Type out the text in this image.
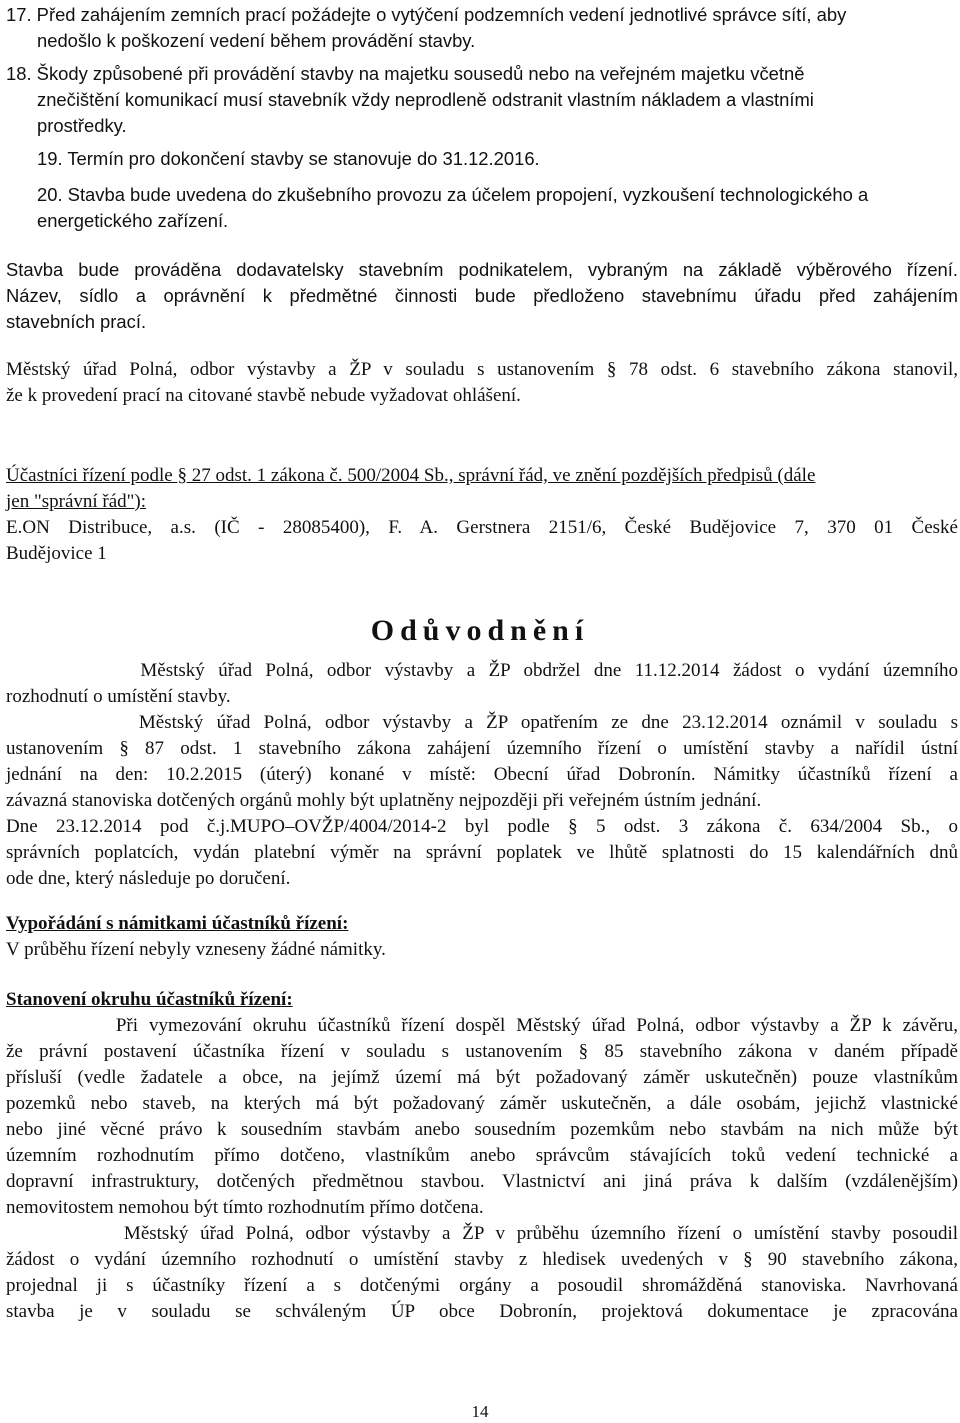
17. Před zahájením zemních prací požádejte o vytýčení podzemních vedení jednotlivé správce sítí, aby
nedošlo k poškození vedení během provádění stavby.
18. Škody způsobené při provádění stavby na majetku sousedů nebo na veřejném majetku včetně
znečištění komunikací musí stavebník vždy neprodleně odstranit vlastním nákladem a vlastními
prostředky.
19. Termín pro dokončení stavby se stanovuje do 31.12.2016.
20. Stavba bude uvedena do zkušebního provozu za účelem propojení, vyzkoušení technologického a
energetického zařízení.
Stavba bude prováděna dodavatelsky stavebním podnikatelem, vybraným na základě výběrového řízení.
Název, sídlo a oprávnění k předmětné činnosti bude předloženo stavebnímu úřadu před zahájením
stavebních prací.
Městský úřad Polná, odbor výstavby a ŽP v souladu s ustanovením § 78 odst. 6 stavebního zákona stanovil,
že k provedení prací na citované stavbě nebude vyžadovat ohlášení.
Účastníci řízení podle § 27 odst. 1 zákona č. 500/2004 Sb., správní řád, ve znění pozdějších předpisů (dále
jen "správní řád"):
E.ON Distribuce, a.s. (IČ - 28085400), F. A. Gerstnera 2151/6, České Budějovice 7, 370 01 České
Budějovice 1
Odůvodnění
Městský úřad Polná, odbor výstavby a ŽP obdržel dne 11.12.2014 žádost o vydání územního
rozhodnutí o umístění stavby.
Městský úřad Polná, odbor výstavby a ŽP opatřením ze dne 23.12.2014 oznámil v souladu s
ustanovením § 87 odst. 1 stavebního zákona zahájení územního řízení o umístění stavby a nařídil ústní
jednání na den: 10.2.2015 (úterý) konané v místě: Obecní úřad Dobronín. Námitky účastníků řízení a
závazná stanoviska dotčených orgánů mohly být uplatněny nejpozději při veřejném ústním jednání.
Dne 23.12.2014 pod č.j.MUPO–OVŽP/4004/2014-2 byl podle § 5 odst. 3 zákona č. 634/2004 Sb., o
správních poplatcích, vydán platební výměr na správní poplatek ve lhůtě splatnosti do 15 kalendářních dnů
ode dne, který následuje po doručení.
Vypořádání s námitkami účastníků řízení:
V průběhu řízení nebyly vzneseny žádné námitky.
Stanovení okruhu účastníků řízení:
Při vymezování okruhu účastníků řízení dospěl Městský úřad Polná, odbor výstavby a ŽP k závěru,
že právní postavení účastníka řízení v souladu s ustanovením § 85 stavebního zákona v daném případě
přísluší (vedle žadatele a obce, na jejímž území má být požadovaný záměr uskutečněn) pouze vlastníkům
pozemků nebo staveb, na kterých má být požadovaný záměr uskutečněn, a dále osobám, jejichž vlastnické
nebo jiné věcné právo k sousedním stavbám anebo sousedním pozemkům nebo stavbám na nich může být
územním rozhodnutím přímo dotčeno, vlastníkům anebo správcům stávajících toků vedení technické a
dopravní infrastruktury, dotčených předmětnou stavbou. Vlastnictví ani jiná práva k dalším (vzdálenějším)
nemovitostem nemohou být tímto rozhodnutím přímo dotčena.
Městský úřad Polná, odbor výstavby a ŽP v průběhu územního řízení o umístění stavby posoudil
žádost o vydání územního rozhodnutí o umístění stavby z hledisek uvedených v § 90 stavebního zákona,
projednal ji s účastníky řízení a s dotčenými orgány a posoudil shromážděná stanoviska. Navrhovaná
stavba je v souladu se schváleným ÚP obce Dobronín, projektová dokumentace je zpracována
14
